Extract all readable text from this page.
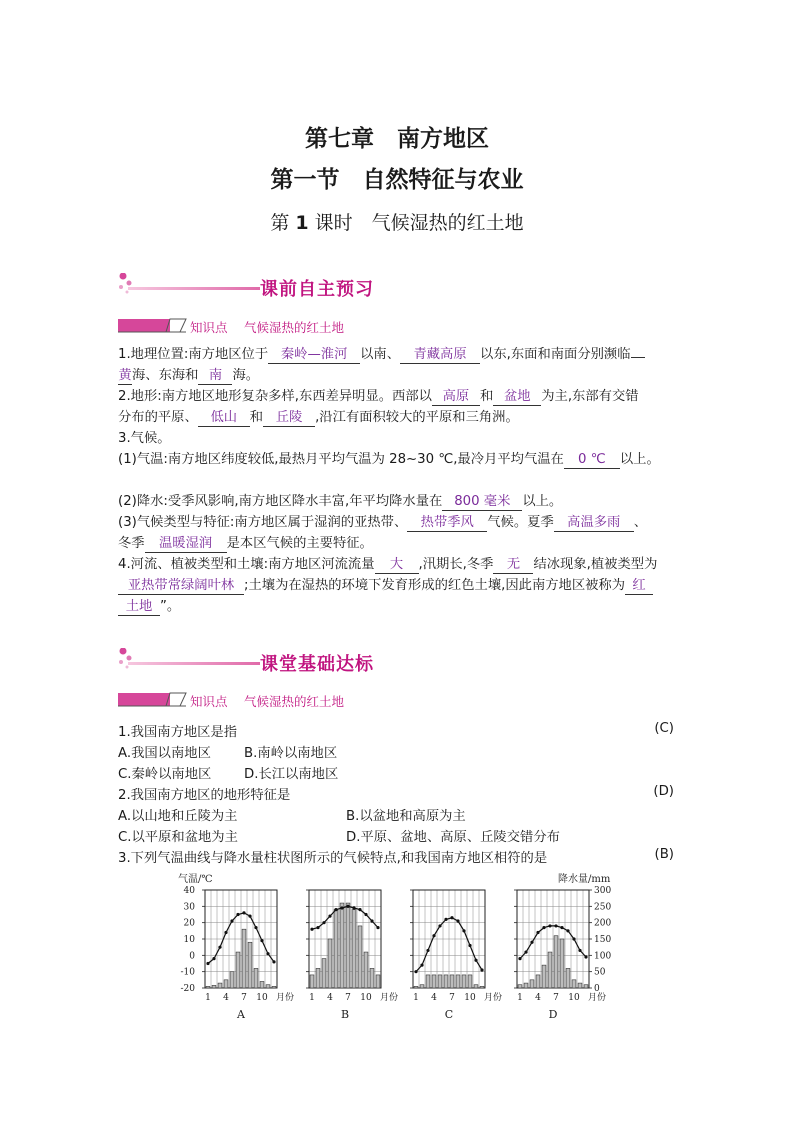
第七章　南方地区
第一节　自然特征与农业
第 1 课时　气候湿热的红土地
课前自主预习
知识点　 气候湿热的红土地
1.地理位置:南方地区位于 秦岭—淮河 以南、 青藏高原 以东,东面和南面分别濒临
黄海、东海和 南 海。
2.地形:南方地区地形复杂多样,东西差异明显。西部以 高原 和 盆地 为主,东部有交错
分布的平原、 低山 和 丘陵 ,沿江有面积较大的平原和三角洲。
3.气候。
(1)气温:南方地区纬度较低,最热月平均气温为 28~30 ℃,最冷月平均气温在 0 ℃ 以上。
(2)降水:受季风影响,南方地区降水丰富,年平均降水量在 800 毫米 以上。
(3)气候类型与特征:南方地区属于湿润的亚热带、 热带季风 气候。夏季 高温多雨 、
冬季 温暖湿润 是本区气候的主要特征。
4.河流、植被类型和土壤:南方地区河流流量 大 ,汛期长,冬季 无 结冰现象,植被类型为
亚热带常绿阔叶林 ;土壤为在湿热的环境下发育形成的红色土壤,因此南方地区被称为 红
土地 ”。
课堂基础达标
知识点　 气候湿热的红土地
1.我国南方地区是指	(C)
A.我国以南地区 B.南岭以南地区
C.秦岭以南地区 D.长江以南地区
2.我国南方地区的地形特征是	(D)
A.以山地和丘陵为主	B.以盆地和高原为主
C.以平原和盆地为主	D.平原、盆地、高原、丘陵交错分布
3.下列气温曲线与降水量柱状图所示的气候特点,和我国南方地区相符的是	(B)
气温/℃	降水量/mm
40
30
20
10
0
-10
-20
300
250
200
150
100
50
0
1 4 7 10 月份
A
1 4 7 10 月份
B
1 4 7 10 月份
C
1 4 7 10 月份
D
